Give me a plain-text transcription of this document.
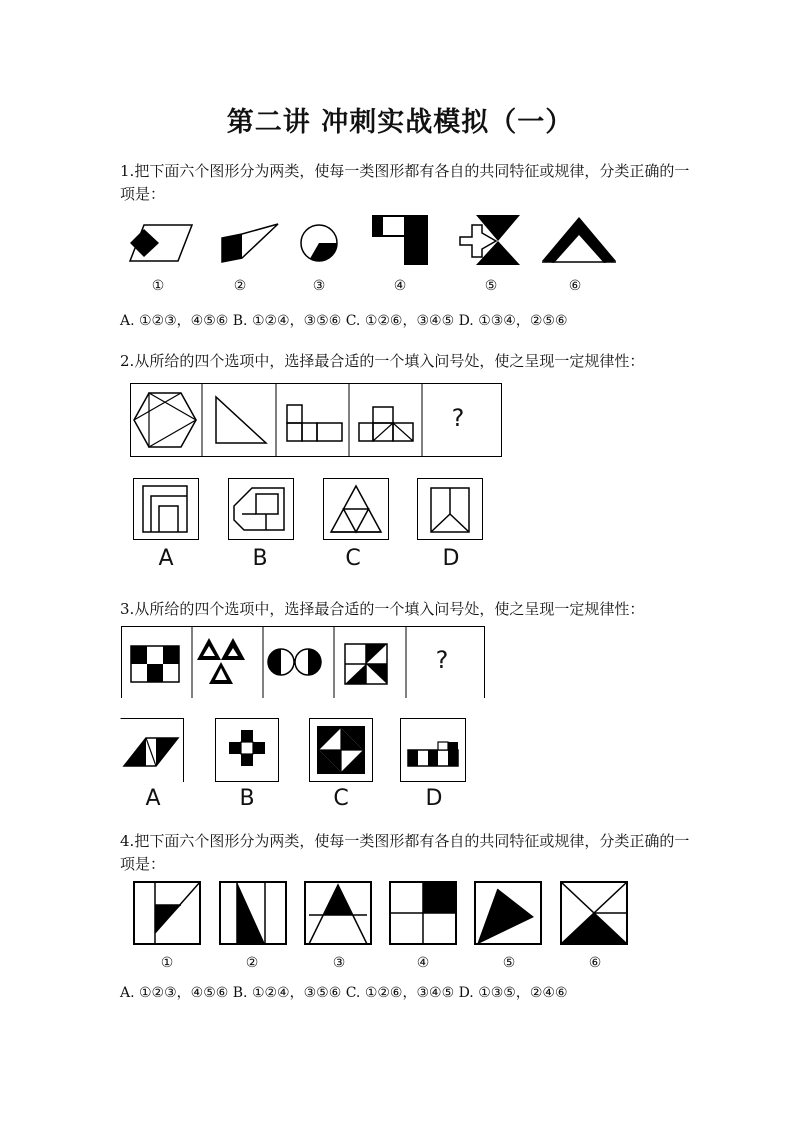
第二讲 冲刺实战模拟（一）
1.把下面六个图形分为两类，使每一类图形都有各自的共同特征或规律，分类正确的一项是：
①	②	③	④	⑤	⑥
A. ①②③，④⑤⑥ B. ①②④，③⑤⑥ C. ①②⑥，③④⑤ D. ①③④，②⑤⑥
2.从所给的四个选项中，选择最合适的一个填入问号处，使之呈现一定规律性：
?
A	B	C	D
3.从所给的四个选项中，选择最合适的一个填入问号处，使之呈现一定规律性：
?
A	B	C	D
4.把下面六个图形分为两类，使每一类图形都有各自的共同特征或规律，分类正确的一项是：
①	②	③	④	⑤	⑥
A. ①②③，④⑤⑥ B. ①②④，③⑤⑥ C. ①②⑥，③④⑤ D. ①③⑤，②④⑥
